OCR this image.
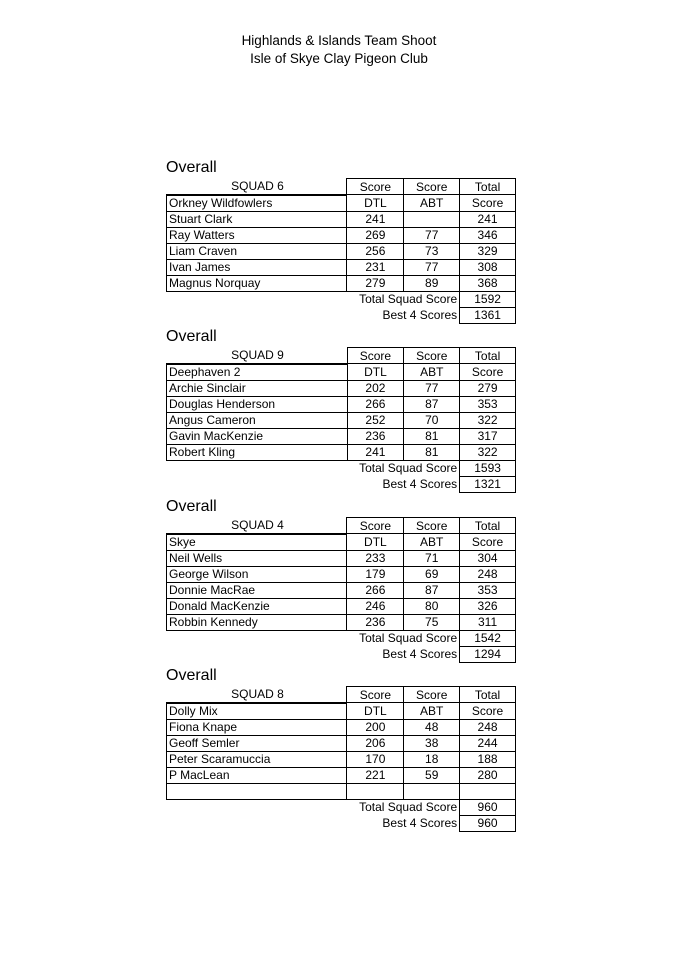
Highlands & Islands Team Shoot
Isle of Skye Clay Pigeon Club
Overall
SQUAD 6	Score	Score	Total
Orkney Wildfowlers	DTL	ABT	Score
Stuart Clark	241		241
Ray Watters	269	77	346
Liam Craven	256	73	329
Ivan James	231	77	308
Magnus Norquay	279	89	368
Total Squad Score			1592
Best 4 Scores			1361
Overall
SQUAD 9	Score	Score	Total
Deephaven 2	DTL	ABT	Score
Archie Sinclair	202	77	279
Douglas Henderson	266	87	353
Angus Cameron	252	70	322
Gavin MacKenzie	236	81	317
Robert Kling	241	81	322
Total Squad Score			1593
Best 4 Scores			1321
Overall
SQUAD 4	Score	Score	Total
Skye	DTL	ABT	Score
Neil Wells	233	71	304
George Wilson	179	69	248
Donnie MacRae	266	87	353
Donald MacKenzie	246	80	326
Robbin Kennedy	236	75	311
Total Squad Score			1542
Best 4 Scores			1294
Overall
SQUAD 8	Score	Score	Total
Dolly Mix	DTL	ABT	Score
Fiona Knape	200	48	248
Geoff Semler	206	38	244
Peter Scaramuccia	170	18	188
P MacLean	221	59	280

Total Squad Score			960
Best 4 Scores			960
